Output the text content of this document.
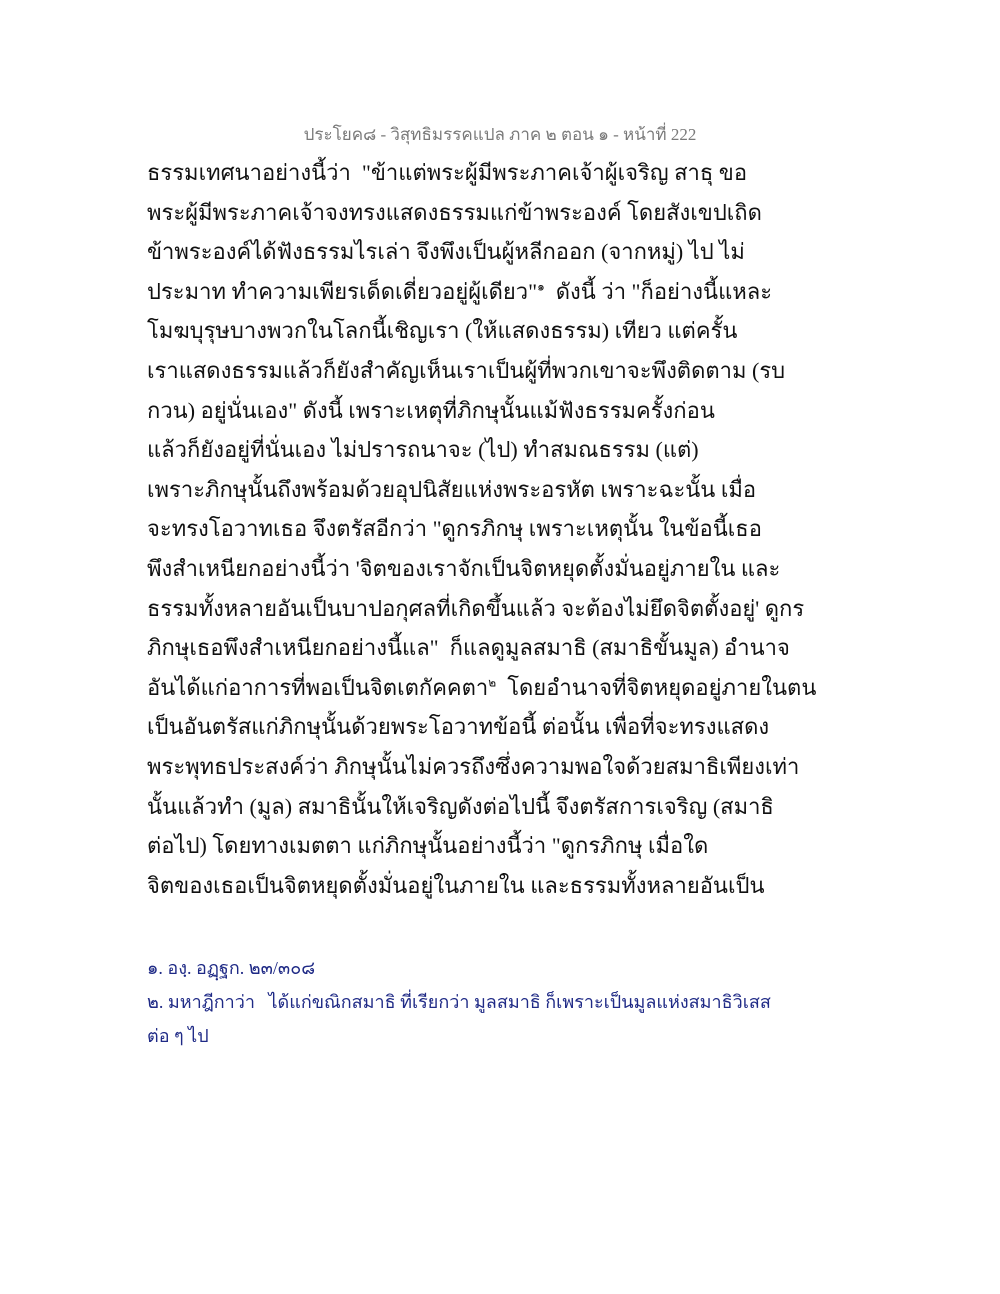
ประโยค๘ - วิสุทธิมรรคแปล ภาค ๒ ตอน ๑ - หน้าที่ 222
ธรรมเทศนาอย่างนี้ว่า  "ข้าแต่พระผู้มีพระภาคเจ้าผู้เจริญ สาธุ ขอ
พระผู้มีพระภาคเจ้าจงทรงแสดงธรรมแก่ข้าพระองค์ โดยสังเขปเถิด
ข้าพระองค์ได้ฟังธรรมไรเล่า จึงพึงเป็นผู้หลีกออก (จากหมู่) ไป ไม่
ประมาท ทำความเพียรเด็ดเดี่ยวอยู่ผู้เดียว"$^๑$  ดังนี้ ว่า "ก็อย่างนี้แหละ
โมฆบุรุษบางพวกในโลกนี้เชิญเรา (ให้แสดงธรรม) เทียว แต่ครั้น
เราแสดงธรรมแล้วก็ยังสำคัญเห็นเราเป็นผู้ที่พวกเขาจะพึงติดตาม (รบ
กวน) อยู่นั่นเอง" ดังนี้ เพราะเหตุที่ภิกษุนั้นแม้ฟังธรรมครั้งก่อน
แล้วก็ยังอยู่ที่นั่นเอง ไม่ปรารถนาจะ (ไป) ทำสมณธรรม (แต่)
เพราะภิกษุนั้นถึงพร้อมด้วยอุปนิสัยแห่งพระอรหัต เพราะฉะนั้น เมื่อ
จะทรงโอวาทเธอ จึงตรัสอีกว่า "ดูกรภิกษุ เพราะเหตุนั้น ในข้อนี้เธอ
พึงสำเหนียกอย่างนี้ว่า 'จิตของเราจักเป็นจิตหยุดตั้งมั่นอยู่ภายใน และ
ธรรมทั้งหลายอันเป็นบาปอกุศลที่เกิดขึ้นแล้ว จะต้องไม่ยึดจิตตั้งอยู่' ดูกร
ภิกษุเธอพึงสำเหนียกอย่างนี้แล"  ก็แลดูมูลสมาธิ (สมาธิขั้นมูล) อำนาจ
อันได้แก่อาการที่พอเป็นจิตเตกัคคตา$^๒$  โดยอำนาจที่จิตหยุดอยู่ภายในตน
เป็นอันตรัสแก่ภิกษุนั้นด้วยพระโอวาทข้อนี้ ต่อนั้น เพื่อที่จะทรงแสดง
พระพุทธประสงค์ว่า ภิกษุนั้นไม่ควรถึงซึ่งความพอใจด้วยสมาธิเพียงเท่า
นั้นแล้วทำ (มูล) สมาธินั้นให้เจริญดังต่อไปนี้ จึงตรัสการเจริญ (สมาธิ
ต่อไป) โดยทางเมตตา แก่ภิกษุนั้นอย่างนี้ว่า "ดูกรภิกษุ เมื่อใด
จิตของเธอเป็นจิตหยุดตั้งมั่นอยู่ในภายใน และธรรมทั้งหลายอันเป็น
๑. องฺ. อฏฺฐก. ๒๓/๓๐๘
๒. มหาฎีกาว่า   ได้แก่ขณิกสมาธิ ที่เรียกว่า มูลสมาธิ ก็เพราะเป็นมูลแห่งสมาธิวิเสส
ต่อ ๆ ไป
